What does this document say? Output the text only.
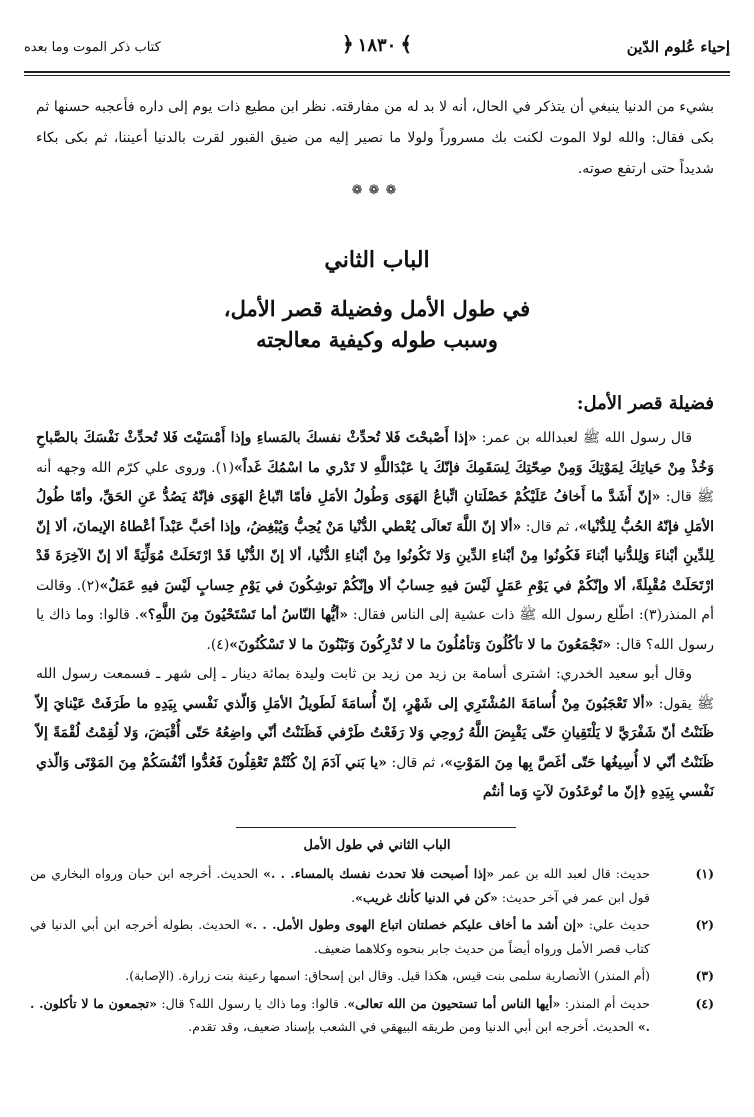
إحياء عُلوم الدّين
﴾١٨٣٠﴿
كتاب ذكر الموت وما بعده
بشيء من الدنيا ينبغي أن يتذكر في الحال، أنه لا بد له من مفارقته. نظر ابن مطيع ذات يوم إلى داره فأعجبه حسنها ثم بكى فقال: والله لولا الموت لكنت بك مسروراً ولولا ما نصير إليه من ضيق القبور لقرت بالدنيا أعيننا، ثم بكى بكاء شديداً حتى ارتفع صوته.
❁❁❁
الباب الثاني
في طول الأمل وفضيلة قصر الأمل،
وسبب طوله وكيفية معالجته
فضيلة قصر الأمل:

قال رسول الله ﷺ لعبدالله بن عمر: «إذا أَصْبحْتَ فَلا تُحدِّثْ نفسكَ بالمَساءِ وإذا أَمْسَيْتَ فَلا تُحدِّثْ نَفْسَكَ بالصَّباحِ وَخُذْ مِنْ حَياتِكَ لِمَوْتِكَ وَمِنْ صِحّتِكَ لِسَقَمِكَ فإنّكَ يا عَبْدَاللَّهِ لا تَدْري ما اسْمُكَ غَداً»(١). وروى علي كرّم الله وجهه أنه ﷺ قال: «إنّ أَشَدَّ ما أَخافُ عَلَيْكُمْ خَصْلَتانِ اتِّباعُ الهَوَى وَطُولُ الأمَلِ فأمّا اتّباعُ الهَوَى فإنّهُ يَصُدُّ عَنِ الحَقِّ، وأمّا طُولُ الأمَلِ فإنّهُ الحُبُّ لِلدُّنْيا»، ثم قال: «ألا إنّ اللَّهَ تَعالَى يُعْطي الدُّنْيا مَنْ يُحِبُّ وَيُبْغِضُ، وإذا أحَبَّ عَبْداً أعْطاهُ الإيمانَ، ألا إنّ لِلدِّينِ أبْناءَ وَلِلدُّنيا أبْناءَ فَكُونُوا مِنْ أبْناءِ الدِّينِ وَلا تَكُونُوا مِنْ أبْناءِ الدُّنْيا، ألا إنّ الدُّنْيا قَدْ ارْتَحَلَتْ مُوَلِّيَةً ألا إنّ الآخِرَةَ قَدْ ارْتَحَلَتْ مُقْبِلَةً، ألا وإنّكُمْ في يَوْمِ عَمَلٍ لَيْسَ فيهِ حِسابٌ ألا وإنّكُمْ توشِكُونَ في يَوْمِ حِسابٍ لَيْسَ فيهِ عَمَلٌ»(٢). وقالت أم المنذر(٣): اطّلع رسول الله ﷺ ذات عشية إلى الناس فقال: «أيُّها النّاسُ أما تَسْتَحْيُونَ مِنَ اللَّهِ؟». قالوا: وما ذاك يا رسول الله؟ قال: «تَجْمَعُونَ ما لا تأكُلُونَ وَتأمُلُونَ ما لا تُدْرِكُونَ وَتَبْنُونَ ما لا تَسْكُنُونَ»(٤).

وقال أبو سعيد الخدري: اشترى أسامة بن زيد من زيد بن ثابت وليدة بمائة دينار ـ إلى شهر ـ فسمعت رسول الله ﷺ يقول: «ألا تَعْجَبُونَ مِنْ أُسامَةَ المُشْتَرِي إلى شَهْرٍ، إنّ أُسامَةَ لَطَويلُ الأمَلِ وَالّذي نَفْسي بِيَدِهِ ما طَرَفَتْ عَيْنايَ إلاّ ظَنَنْتُ أنّ شَفْرَيَّ لا يَلْتَقِيانِ حَتّى يَقْبِضَ اللَّهُ رُوحِي وَلا رَفَعْتُ طَرْفي فَظَنَنْتُ أنّي واضِعُهُ حَتّى أُقْبَضَ، وَلا لُقِمْتُ لُقْمَةً إلاّ ظَنَنْتُ أنّي لا أُسِيغُها حَتّى أغَصَّ بِها مِنَ المَوْتِ»، ثم قال: «يا بَني آدَمَ إنْ كُنْتُمْ تَعْقِلُونَ فَعُدُّوا أنْفُسَكُمْ مِنَ المَوْتَى وَالّذي نَفْسي بِيَدِهِ ﴿إنّ ما تُوعَدُونَ لآتٍ وَما أنتُم

الباب الثاني في طول الأمل
(١)
حديث: قال لعبد الله بن عمر «إذا أصبحت فلا تحدث نفسك بالمساء. . .» الحديث. أخرجه ابن حبان ورواه البخاري من قول ابن عمر في آخر حديث: «كن في الدنيا كأنك غريب».
(٢)
حديث علي: «إن أشد ما أخاف عليكم خصلتان اتباع الهوى وطول الأمل. . .» الحديث. بطوله أخرجه ابن أبي الدنيا في كتاب قصر الأمل ورواه أيضاً من حديث جابر بنحوه وكلاهما ضعيف.
(٣)
(أم المنذر) الأنصارية سلمى بنت قيس، هكذا قيل. وقال ابن إسحاق: اسمها رعينة بنت زرارة. (الإصابة).
(٤)
حديث أم المنذر: «أيها الناس أما تستحيون من الله تعالى». قالوا: وما ذاك يا رسول الله؟ قال: «تجمعون ما لا تأكلون. . .» الحديث. أخرجه ابن أبي الدنيا ومن طريقه البيهقي في الشعب بإسناد ضعيف، وقد تقدم.
